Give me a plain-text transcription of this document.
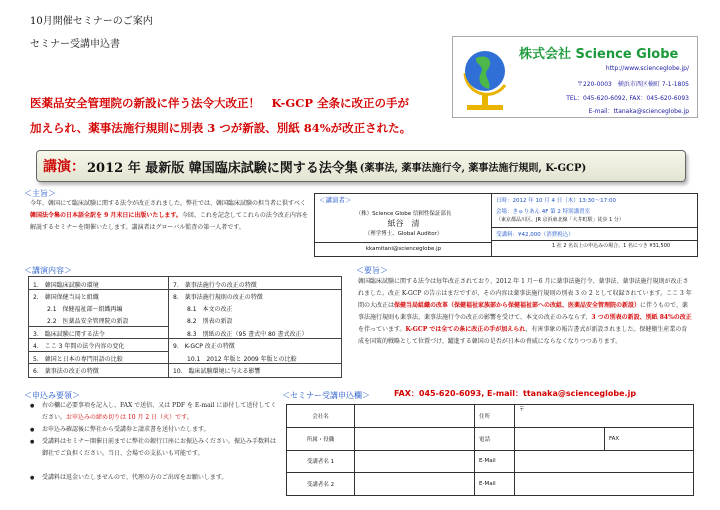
10月開催セミナーのご案内
セミナー受講申込書
医薬品安全管理院の新設に伴う法令大改正！　K-GCP 全条に改正の手が
加えられ、薬事法施行規則に別表 3 つが新設、別紙 84%が改正された。
株式会社 Science Globe
http://www.scienceglobe.jp/
〒220-0003　横浜市西区楠町 7-1-1805
TEL：045-620-6092, FAX：045-620-6093
E-mail：ttanaka@scienceglobe.jp
講演： 2012 年 最新版 韓国臨床試験に関する法令集 (薬事法, 薬事法施行令, 薬事法施行規則, K-GCP)
＜主旨＞
今年、韓国にて臨床試験に関する法令が改正されました。弊社では、韓国臨床試験の担当者に供すべく韓国法令集の日本語全訳を 9 月末日に出版いたします。今回、これを記念してこれらの法令改正内容を解説するセミナーを開催いたします。講演者はグローバル監査の第一人者です。
＜講演者＞
（株）Science Globe 信頼性保証部長
紙谷　清
（理学博士、Global Auditor）
kkamitani@scienceglobe.jp
日時：2012 年 10 月 4 日（木）13:30～17:00
会場：きゅりあん 4F 第 2 特別講習室
（東京都品川区、JR 京浜東北線「大井町駅」徒歩 1 分）
受講料：¥42,000（消費税込）
1 社 2 名以上の申込みの場合、1 名につき ¥31,500
＜講演内容＞
1.　韓国臨床試験の環境
2.　韓国保健当局と組織
2.1　保健福祉部〜組織再編
2.2　医薬品安全管理院の新設
3.　臨床試験に関する法令
4.　ここ 3 年間の法令内容の変化
5.　韓国と日本の専門用語の比較
6.　薬事法の改正の特徴
7.　薬事法施行令の改正の特徴
8.　薬事法施行規則の改正の特徴
8.1　本文の改正
8.2　別表の新設
8.3　別紙の改正（95 書式中 80 書式改正）
9.　K-GCP 改正の特徴
10.1　2012 年版と 2009 年版との比較
10.　臨床試験環境に与える影響
＜要旨＞
韓国臨床試験に関する法令は毎年改正されており、2012 年 1 月〜6 月に薬事法施行令、薬事法、薬事法施行規則が改正されました。改正 K-GCP の告示はまだですが、その内容は薬事法施行規則の別表 3 の 2 として収録されています。ここ 3 年間の大改正は保健当局組織の改革（保健福祉家族部から保健福祉部への改組、医薬品安全管理院の新設）に伴うもので、薬事法施行規則も薬事法、薬事法施行令の改正の影響を受けて、本文の改正のみならず、3 つの別表の新設、別紙 84%の改正を伴っています。K-GCP では全ての条に改正の手が加えられ、有害事象の報告書式が新設されました。保健衛生産業の育成を国策的戦略として位置づけ、躍進する韓国の是否が日本の脅威にならなくなりつつあります。
＜申込み要領＞
● 右の欄に必要事項を記入し、FAX で送信、又は PDF を E-mail に添付して送付してください。お申込みの締め切りは 10 月 2 日（火）です。
● お申込み確認後に弊社から受講券と請求書を送付いたします。
● 受講料はセミナー開催日前までに弊社の銀行口座にお振込みください。振込み手数料は御社でご負担ください。当日、会場での支払いも可能です。
● 受講料は返金いたしませんので、代理の方のご出席をお願いします。
＜セミナー受講申込欄＞	FAX：045-620-6093, E-mail：ttanaka@scienceglobe.jp
会社名		住所	〒	
所属・役職		電話		FAX
受講者名 1		E-Mail		
受講者名 2		E-Mail		
